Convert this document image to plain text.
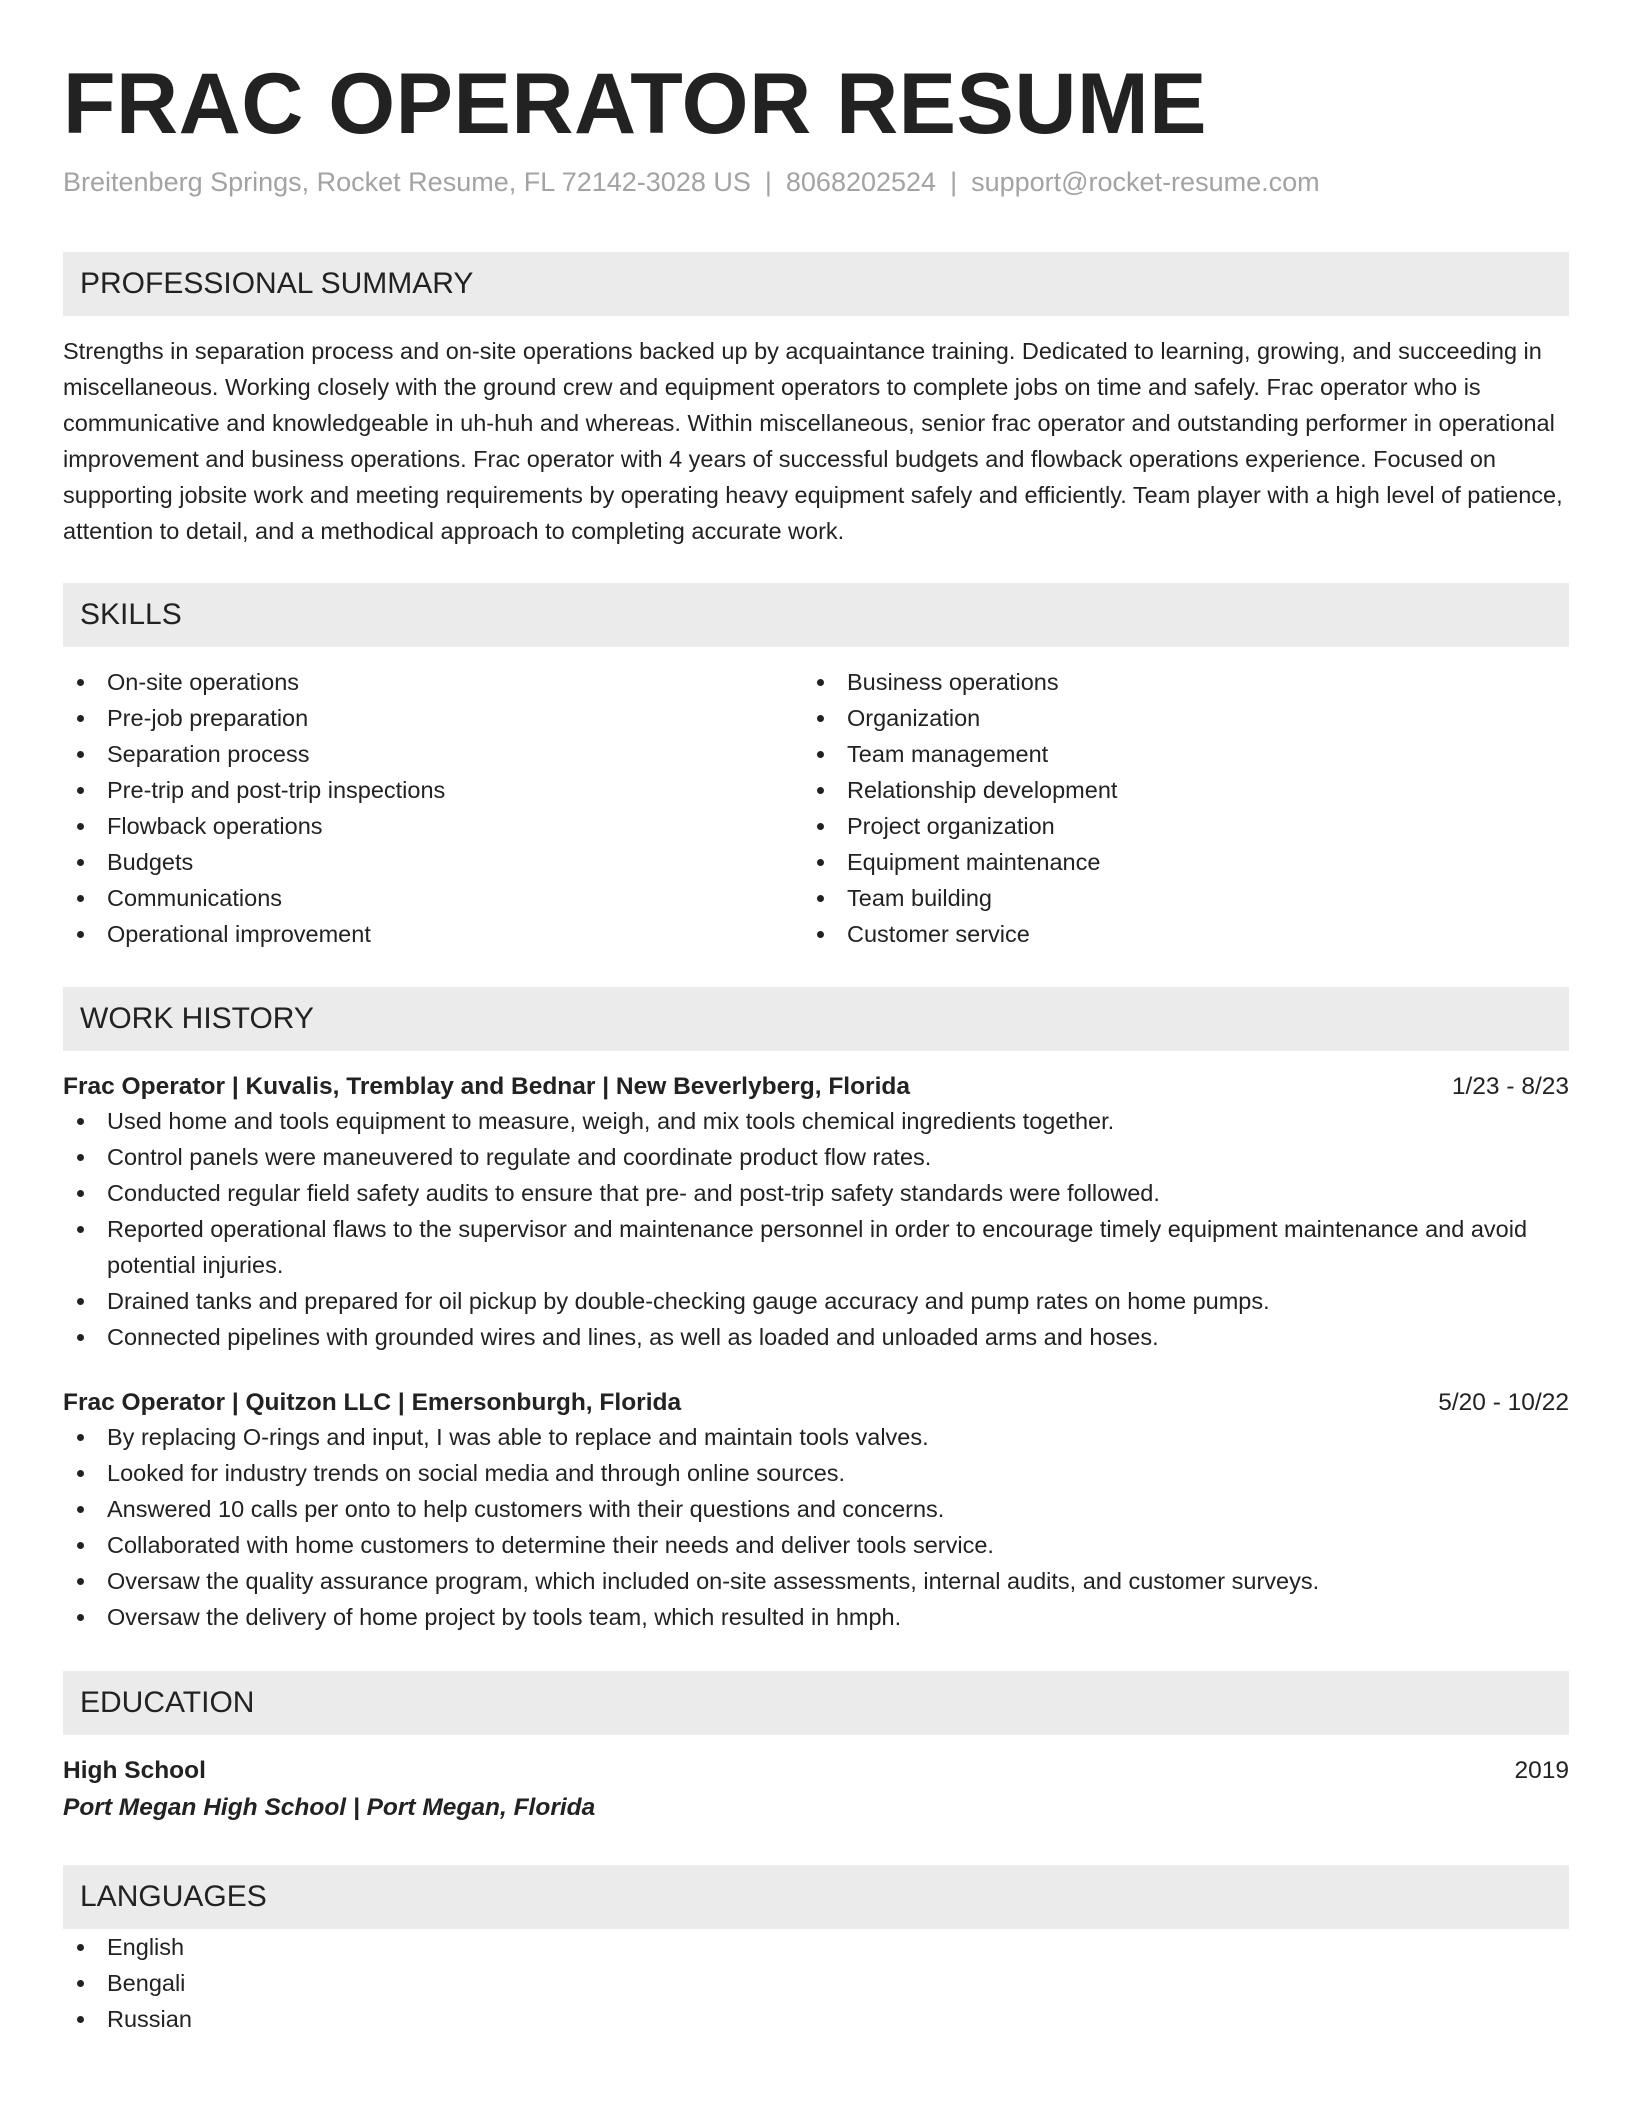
FRAC OPERATOR RESUME
Breitenberg Springs, Rocket Resume, FL 72142-3028 US | 8068202524 | support@rocket-resume.com
PROFESSIONAL SUMMARY
Strengths in separation process and on-site operations backed up by acquaintance training. Dedicated to learning, growing, and succeeding in miscellaneous. Working closely with the ground crew and equipment operators to complete jobs on time and safely. Frac operator who is communicative and knowledgeable in uh-huh and whereas. Within miscellaneous, senior frac operator and outstanding performer in operational improvement and business operations. Frac operator with 4 years of successful budgets and flowback operations experience. Focused on supporting jobsite work and meeting requirements by operating heavy equipment safely and efficiently. Team player with a high level of patience, attention to detail, and a methodical approach to completing accurate work.
SKILLS
On-site operations
Pre-job preparation
Separation process
Pre-trip and post-trip inspections
Flowback operations
Budgets
Communications
Operational improvement
Business operations
Organization
Team management
Relationship development
Project organization
Equipment maintenance
Team building
Customer service
WORK HISTORY
Frac Operator | Kuvalis, Tremblay and Bednar | New Beverlyberg, Florida	1/23 - 8/23
Used home and tools equipment to measure, weigh, and mix tools chemical ingredients together.
Control panels were maneuvered to regulate and coordinate product flow rates.
Conducted regular field safety audits to ensure that pre- and post-trip safety standards were followed.
Reported operational flaws to the supervisor and maintenance personnel in order to encourage timely equipment maintenance and avoid potential injuries.
Drained tanks and prepared for oil pickup by double-checking gauge accuracy and pump rates on home pumps.
Connected pipelines with grounded wires and lines, as well as loaded and unloaded arms and hoses.
Frac Operator | Quitzon LLC | Emersonburgh, Florida	5/20 - 10/22
By replacing O-rings and input, I was able to replace and maintain tools valves.
Looked for industry trends on social media and through online sources.
Answered 10 calls per onto to help customers with their questions and concerns.
Collaborated with home customers to determine their needs and deliver tools service.
Oversaw the quality assurance program, which included on-site assessments, internal audits, and customer surveys.
Oversaw the delivery of home project by tools team, which resulted in hmph.
EDUCATION
High School	2019
Port Megan High School | Port Megan, Florida
LANGUAGES
English
Bengali
Russian
